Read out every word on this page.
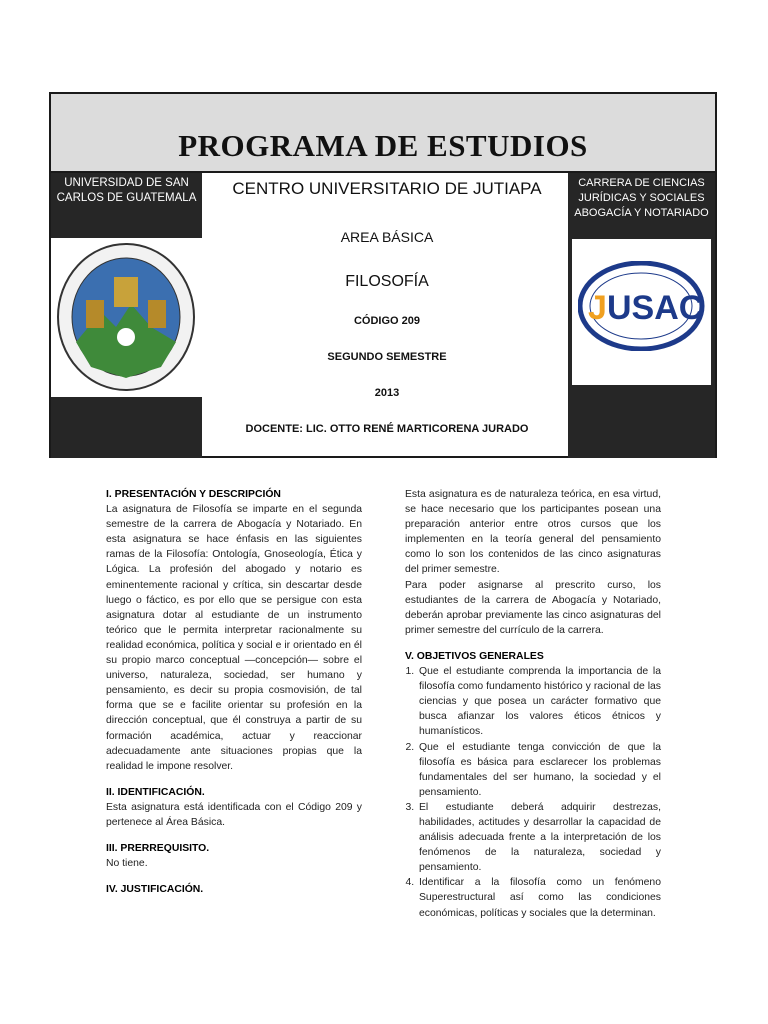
PROGRAMA DE ESTUDIOS
UNIVERSIDAD DE SAN CARLOS DE GUATEMALA	CENTRO UNIVERSITARIO DE JUTIAPA
AREA BÁSICA
FILOSOFÍA
CÓDIGO 209
SEGUNDO SEMESTRE
2013
DOCENTE: LIC. OTTO RENÉ MARTICORENA JURADO
CARRERA DE CIENCIAS JURÍDICAS Y SOCIALES ABOGACÍA Y NOTARIADO
J USAC
I. PRESENTACIÓN Y DESCRIPCIÓN

La asignatura de Filosofía se imparte en el segunda semestre de la carrera de Abogacía y Notariado. En esta asignatura se hace énfasis en las siguientes ramas de la Filosofía: Ontología, Gnoseología, Ética y Lógica. La profesión del abogado y notario es eminentemente racional y crítica, sin descartar desde luego o fáctico, es por ello que se persigue con esta asignatura dotar al estudiante de un instrumento teórico que le permita interpretar racionalmente su realidad económica, política y social e ir orientado en él su propio marco conceptual —concepción— sobre el universo, naturaleza, sociedad, ser humano y pensamiento, es decir su propia cosmovisión, de tal forma que se e facilite orientar su profesión en la dirección conceptual, que él construya a partir de su formación académica, actuar y reaccionar adecuadamente ante situaciones propias que la realidad le impone resolver.

II. IDENTIFICACIÓN.

Esta asignatura está identificada con el Código 209 y pertenece al Área Básica.

III. PRERREQUISITO.

No tiene.

IV. JUSTIFICACIÓN.

Esta asignatura es de naturaleza teórica, en esa virtud, se hace necesario que los participantes posean una preparación anterior entre otros cursos que los implementen en la teoría general del pensamiento como lo son los contenidos de las cinco asignaturas del primer semestre.

Para poder asignarse al prescrito curso, los estudiantes de la carrera de Abogacía y Notariado, deberán aprobar previamente las cinco asignaturas del primer semestre del currículo de la carrera.

V. OBJETIVOS GENERALES
1. Que el estudiante comprenda la importancia de la filosofía como fundamento histórico y racional de las ciencias y que posea un carácter formativo que busca afianzar los valores éticos étnicos y humanísticos.
2. Que el estudiante tenga convicción de que la filosofía es básica para esclarecer los problemas fundamentales del ser humano, la sociedad y el pensamiento.
3. El estudiante deberá adquirir destrezas, habilidades, actitudes y desarrollar la capacidad de análisis adecuada frente a la interpretación de los fenómenos de la naturaleza, sociedad y pensamiento.
4. Identificar a la filosofía como un fenómeno Superestructural así como las condiciones económicas, políticas y sociales que la determinan.
